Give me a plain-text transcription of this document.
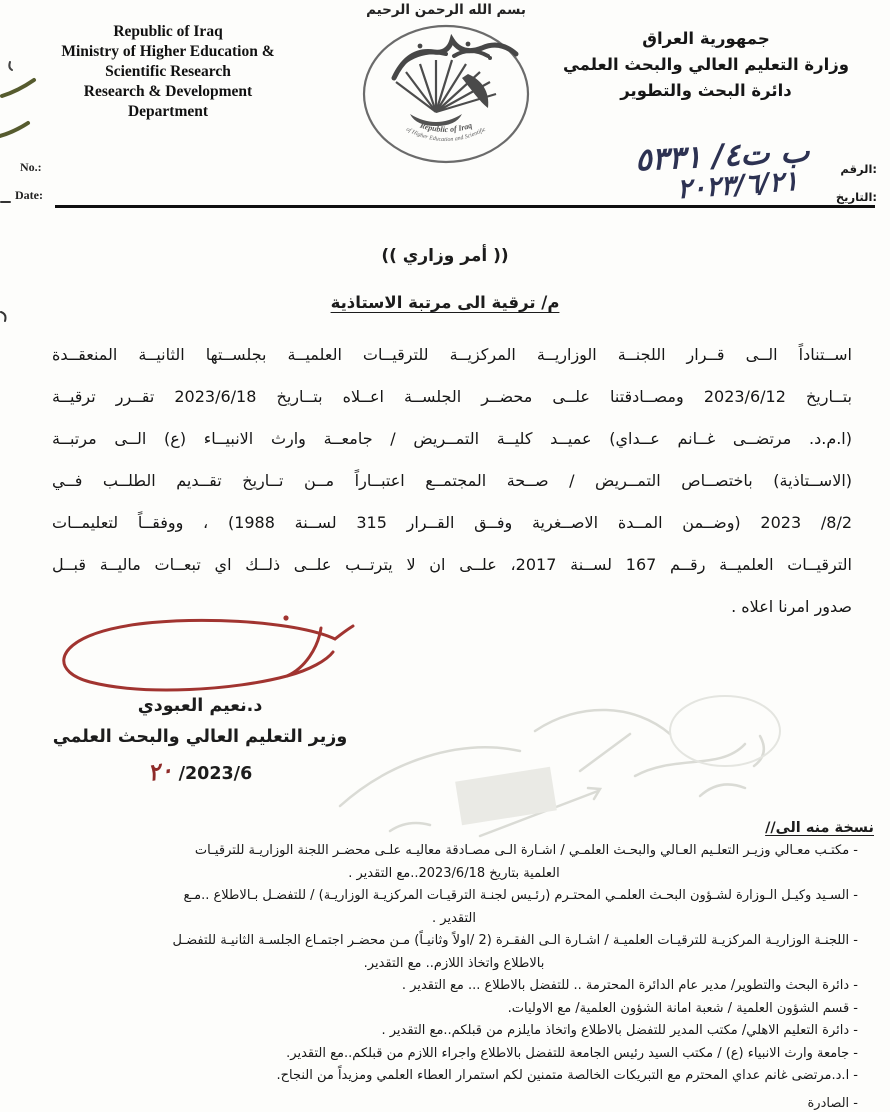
Republic of Iraq
Ministry of Higher Education &
Scientific Research
Research & Development
Department
بسم الله الرحمن الرحيم
Republic of Iraq
of Higher Education and Scientific
جمهورية العراق
وزارة التعليم العالي والبحث العلمي
دائرة البحث والتطوير
No.:
Date:
الرقم:
التاريخ:
ب ت٤/ ٥٣٣١
٢٠٢٣/٦/٢١
(( أمر وزاري ))
م/ ترقية الى مرتبة الاستاذية
اســتناداً الــى قــرار اللجنــة الوزاريــة المركزيــة للترقيــات العلميــة بجلســتها الثانيــة المنعقــدة
بتــاريخ 2023/6/12 ومصــادقتنا علــى محضــر الجلســة اعــلاه بتــاريخ 2023/6/18 تقــرر ترقيــة
(ا.م.د. مرتضــى غــانم عــداي) عميــد كليــة التمــريض / جامعــة وارث الانبيــاء (ع) الــى مرتبــة
(الاســتاذية) باختصــاص التمــريض / صــحة المجتمــع اعتبــاراً مــن تــاريخ تقــديم الطلــب فــي
8/2/ 2023 (وضــمن المــدة الاصــغرية وفــق القــرار 315 لســنة 1988) ، ووفقــاً لتعليمــات
الترقيــات العلميــة رقــم 167 لســنة 2017، علــى ان لا يترتــب علــى ذلــك اي تبعــات ماليــة قبــل
صدور امرنا اعلاه .
د.نعيم العبودي
وزير التعليم العالي والبحث العلمي
2023/6/ ٢٠
نسخة منه الى//
- مكتـب معـالي وزيـر التعلـيم العـالي والبحـث العلمـي / اشـارة الـى مصـادقة معاليـه علـى محضـر اللجنة الوزاريـة للترقيـات
العلمية بتاريخ 2023/6/18..مع التقدير .
- السـيد وكيـل الـوزارة لشـؤون البحـث العلمـي المحتـرم (رئـيس لجنـة الترقيـات المركزيـة الوزاريـة) / للتفضـل بـالاطلاع ..مـع
التقدير .
- اللجنـة الوزاريـة المركزيـة للترقيـات العلميـة / اشـارة الـى الفقـرة (2 /اولاً وثانيـاً) مـن محضـر اجتمـاع الجلسـة الثانيـة للتفضـل
بالاطلاع واتخاذ اللازم.. مع التقدير.
- دائرة البحث والتطوير/ مدير عام الدائرة المحترمة .. للتفضل بالاطلاع ... مع التقدير .
- قسم الشؤون العلمية / شعبة امانة الشؤون العلمية/ مع الاوليات.
- دائرة التعليم الاهلي/ مكتب المدير للتفضل بالاطلاع واتخاذ مايلزم من قبلكم..مع التقدير .
- جامعة وارث الانبياء (ع) / مكتب السيد رئيس الجامعة للتفضل بالاطلاع واجراء اللازم من قبلكم..مع التقدير.
- ا.د.مرتضى غانم عداي المحترم مع التبريكات الخالصة متمنين لكم استمرار العطاء العلمي ومزيداً من النجاح.
- الصادرة
